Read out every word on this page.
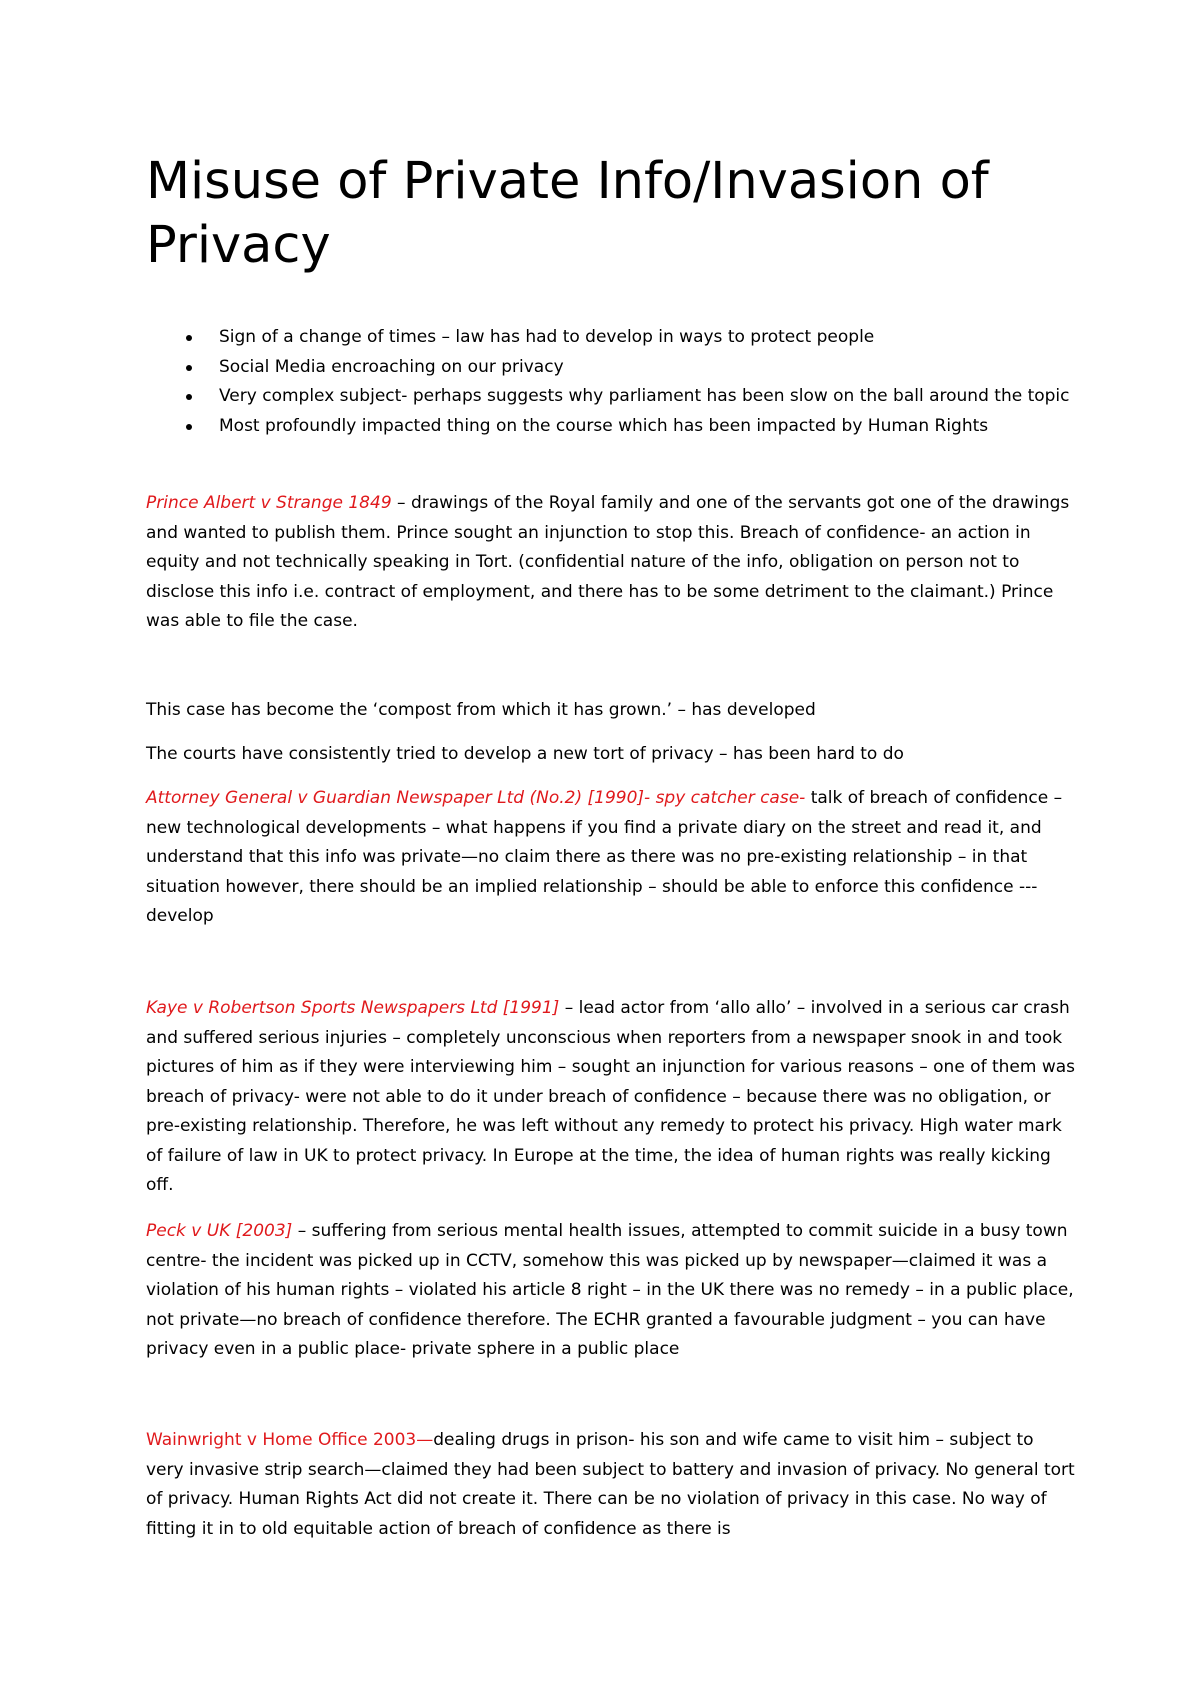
Misuse of Private Info/Invasion of Privacy
Sign of a change of times – law has had to develop in ways to protect people
Social Media encroaching on our privacy
Very complex subject- perhaps suggests why parliament has been slow on the ball around the topic
Most profoundly impacted thing on the course which has been impacted by Human Rights

Prince Albert v Strange 1849 – drawings of the Royal family and one of the servants got one of the drawings and wanted to publish them. Prince sought an injunction to stop this. Breach of confidence- an action in equity and not technically speaking in Tort. (confidential nature of the info, obligation on person not to disclose this info i.e. contract of employment, and there has to be some detriment to the claimant.) Prince was able to file the case.

This case has become the ‘compost from which it has grown.’ – has developed

The courts have consistently tried to develop a new tort of privacy – has been hard to do

Attorney General v Guardian Newspaper Ltd (No.2) [1990]- spy catcher case- talk of breach of confidence – new technological developments – what happens if you find a private diary on the street and read it, and understand that this info was private—no claim there as there was no pre-existing relationship – in that situation however, there should be an implied relationship – should be able to enforce this confidence --- develop

Kaye v Robertson Sports Newspapers Ltd [1991] – lead actor from ‘allo allo’ – involved in a serious car crash and suffered serious injuries – completely unconscious when reporters from a newspaper snook in and took pictures of him as if they were interviewing him – sought an injunction for various reasons – one of them was breach of privacy- were not able to do it under breach of confidence – because there was no obligation, or pre-existing relationship. Therefore, he was left without any remedy to protect his privacy. High water mark of failure of law in UK to protect privacy. In Europe at the time, the idea of human rights was really kicking off.

Peck v UK [2003] – suffering from serious mental health issues, attempted to commit suicide in a busy town centre- the incident was picked up in CCTV, somehow this was picked up by newspaper—claimed it was a violation of his human rights – violated his article 8 right – in the UK there was no remedy – in a public place, not private—no breach of confidence therefore. The ECHR granted a favourable judgment – you can have privacy even in a public place- private sphere in a public place

Wainwright v Home Office 2003—dealing drugs in prison- his son and wife came to visit him – subject to very invasive strip search—claimed they had been subject to battery and invasion of privacy. No general tort of privacy. Human Rights Act did not create it. There can be no violation of privacy in this case. No way of fitting it in to old equitable action of breach of confidence as there is
